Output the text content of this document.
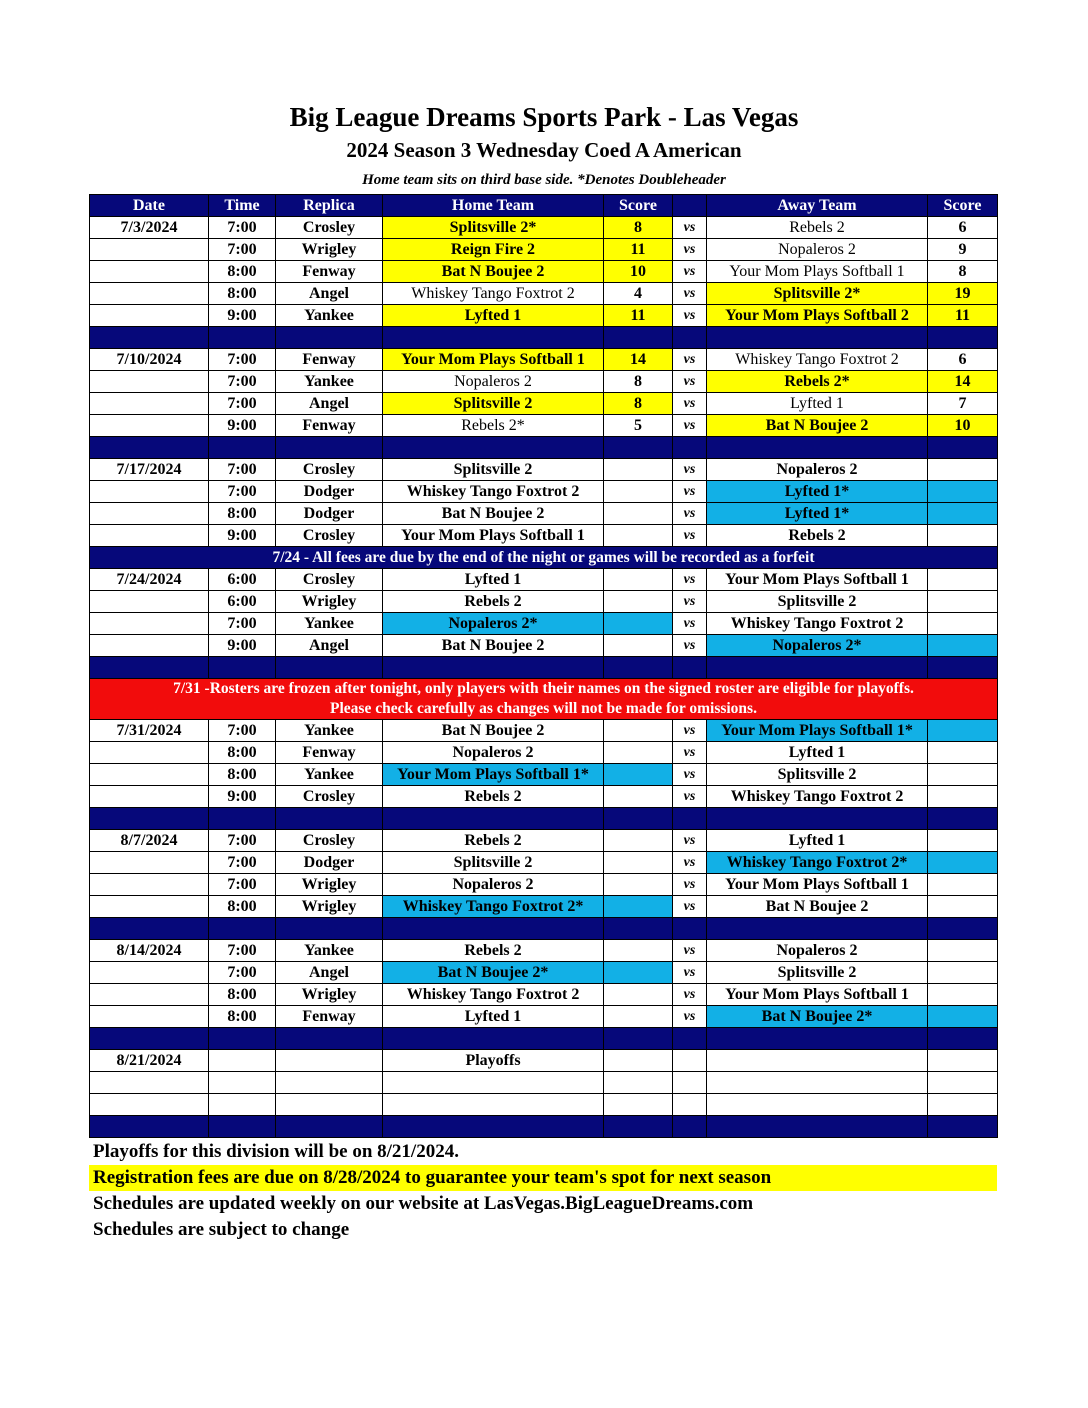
Big League Dreams Sports Park - Las Vegas
2024 Season 3 Wednesday Coed A American
Home team sits on third base side. *Denotes Doubleheader
Date	Time	Replica	Home Team	Score		Away Team	Score
7/3/2024	7:00	Crosley	Splitsville 2*	8	vs	Rebels 2	6
	7:00	Wrigley	Reign Fire 2	11	vs	Nopaleros 2	9
	8:00	Fenway	Bat N Boujee 2	10	vs	Your Mom Plays Softball 1	8
	8:00	Angel	Whiskey Tango Foxtrot 2	4	vs	Splitsville 2*	19
	9:00	Yankee	Lyfted 1	11	vs	Your Mom Plays Softball 2	11

7/10/2024	7:00	Fenway	Your Mom Plays Softball 1	14	vs	Whiskey Tango Foxtrot 2	6
	7:00	Yankee	Nopaleros 2	8	vs	Rebels 2*	14
	7:00	Angel	Splitsville 2	8	vs	Lyfted 1	7
	9:00	Fenway	Rebels 2*	5	vs	Bat N Boujee 2	10

7/17/2024	7:00	Crosley	Splitsville 2		vs	Nopaleros 2	
	7:00	Dodger	Whiskey Tango Foxtrot 2		vs	Lyfted 1*	
	8:00	Dodger	Bat N Boujee 2		vs	Lyfted 1*	
	9:00	Crosley	Your Mom Plays Softball 1		vs	Rebels 2	
7/24 - All fees are due by the end of the night or games will be recorded as a forfeit							
7/24/2024	6:00	Crosley	Lyfted 1		vs	Your Mom Plays Softball 1	
	6:00	Wrigley	Rebels 2		vs	Splitsville 2	
	7:00	Yankee	Nopaleros 2*		vs	Whiskey Tango Foxtrot 2	
	9:00	Angel	Bat N Boujee 2		vs	Nopaleros 2*	

7/31 -Rosters are frozen after tonight, only players with their names on the signed roster are eligible for playoffs.
Please check carefully as changes will not be made for omissions.							

7/31/2024	7:00	Yankee	Bat N Boujee 2		vs	Your Mom Plays Softball 1*	
	8:00	Fenway	Nopaleros 2		vs	Lyfted 1	
	8:00	Yankee	Your Mom Plays Softball 1*		vs	Splitsville 2	
	9:00	Crosley	Rebels 2		vs	Whiskey Tango Foxtrot 2	

8/7/2024	7:00	Crosley	Rebels 2		vs	Lyfted 1	
	7:00	Dodger	Splitsville 2		vs	Whiskey Tango Foxtrot 2*	
	7:00	Wrigley	Nopaleros 2		vs	Your Mom Plays Softball 1	
	8:00	Wrigley	Whiskey Tango Foxtrot 2*		vs	Bat N Boujee 2	

8/14/2024	7:00	Yankee	Rebels 2		vs	Nopaleros 2	
	7:00	Angel	Bat N Boujee 2*		vs	Splitsville 2	
	8:00	Wrigley	Whiskey Tango Foxtrot 2		vs	Your Mom Plays Softball 1	
	8:00	Fenway	Lyfted 1		vs	Bat N Boujee 2*	

8/21/2024			Playoffs				

Playoffs for this division will be on 8/21/2024.
Registration fees are due on 8/28/2024 to guarantee your team's spot for next season
Schedules are updated weekly on our website at LasVegas.BigLeagueDreams.com
Schedules are subject to change
